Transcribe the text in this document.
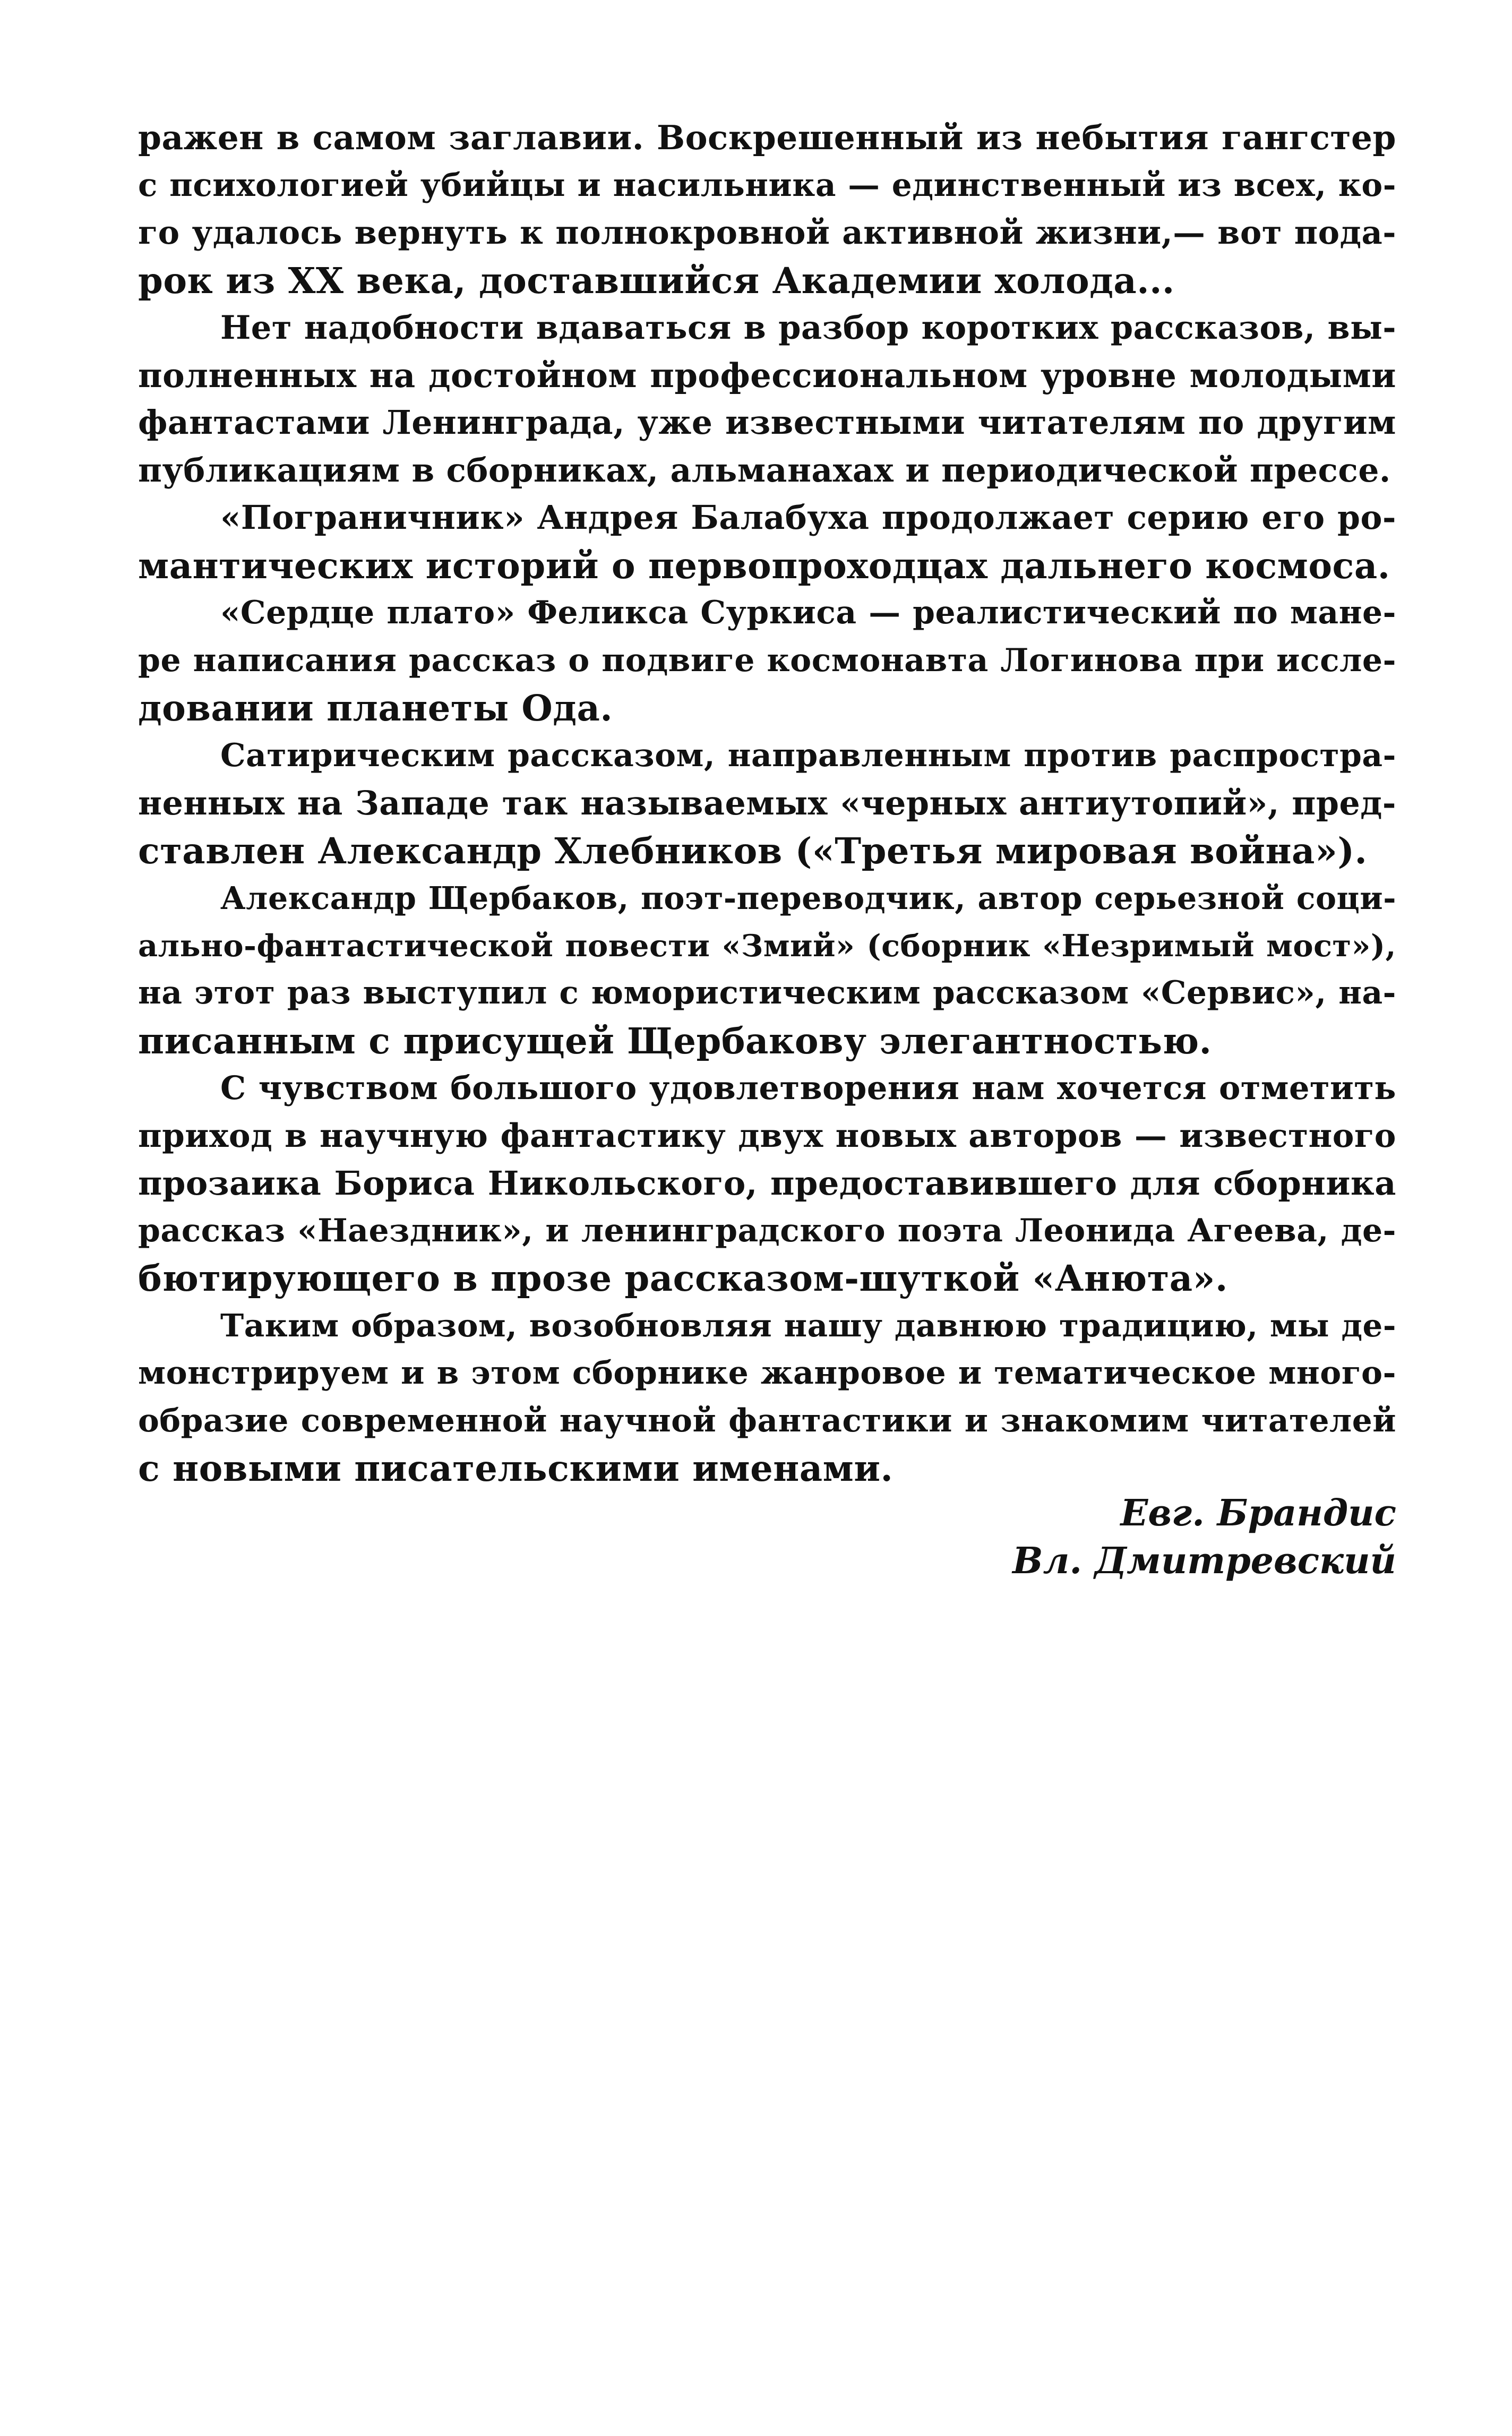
ражен в самом заглавии. Воскрешенный из небытия гангстер
с психологией убийцы и насильника — единственный из всех, ко-
го удалось вернуть к полнокровной активной жизни,— вот пода-
рок из XX века, доставшийся Академии холода...
Нет надобности вдаваться в разбор коротких рассказов, вы-
полненных на достойном профессиональном уровне молодыми
фантастами Ленинграда, уже известными читателям по другим
публикациям в сборниках, альманахах и периодической прессе.
«Пограничник» Андрея Балабуха продолжает серию его ро-
мантических историй о первопроходцах дальнего космоса.
«Сердце плато» Феликса Суркиса — реалистический по мане-
ре написания рассказ о подвиге космонавта Логинова при иссле-
довании планеты Ода.
Сатирическим рассказом, направленным против распростра-
ненных на Западе так называемых «черных антиутопий», пред-
ставлен Александр Хлебников («Третья мировая война»).
Александр Щербаков, поэт-переводчик, автор серьезной соци-
ально-фантастической повести «Змий» (сборник «Незримый мост»),
на этот раз выступил с юмористическим рассказом «Сервис», на-
писанным с присущей Щербакову элегантностью.
С чувством большого удовлетворения нам хочется отметить
приход в научную фантастику двух новых авторов — известного
прозаика Бориса Никольского, предоставившего для сборника
рассказ «Наездник», и ленинградского поэта Леонида Агеева, де-
бютирующего в прозе рассказом-шуткой «Анюта».
Таким образом, возобновляя нашу давнюю традицию, мы де-
монстрируем и в этом сборнике жанровое и тематическое много-
образие современной научной фантастики и знакомим читателей
с новыми писательскими именами.
Евг. Брандис
Вл. Дмитревский
